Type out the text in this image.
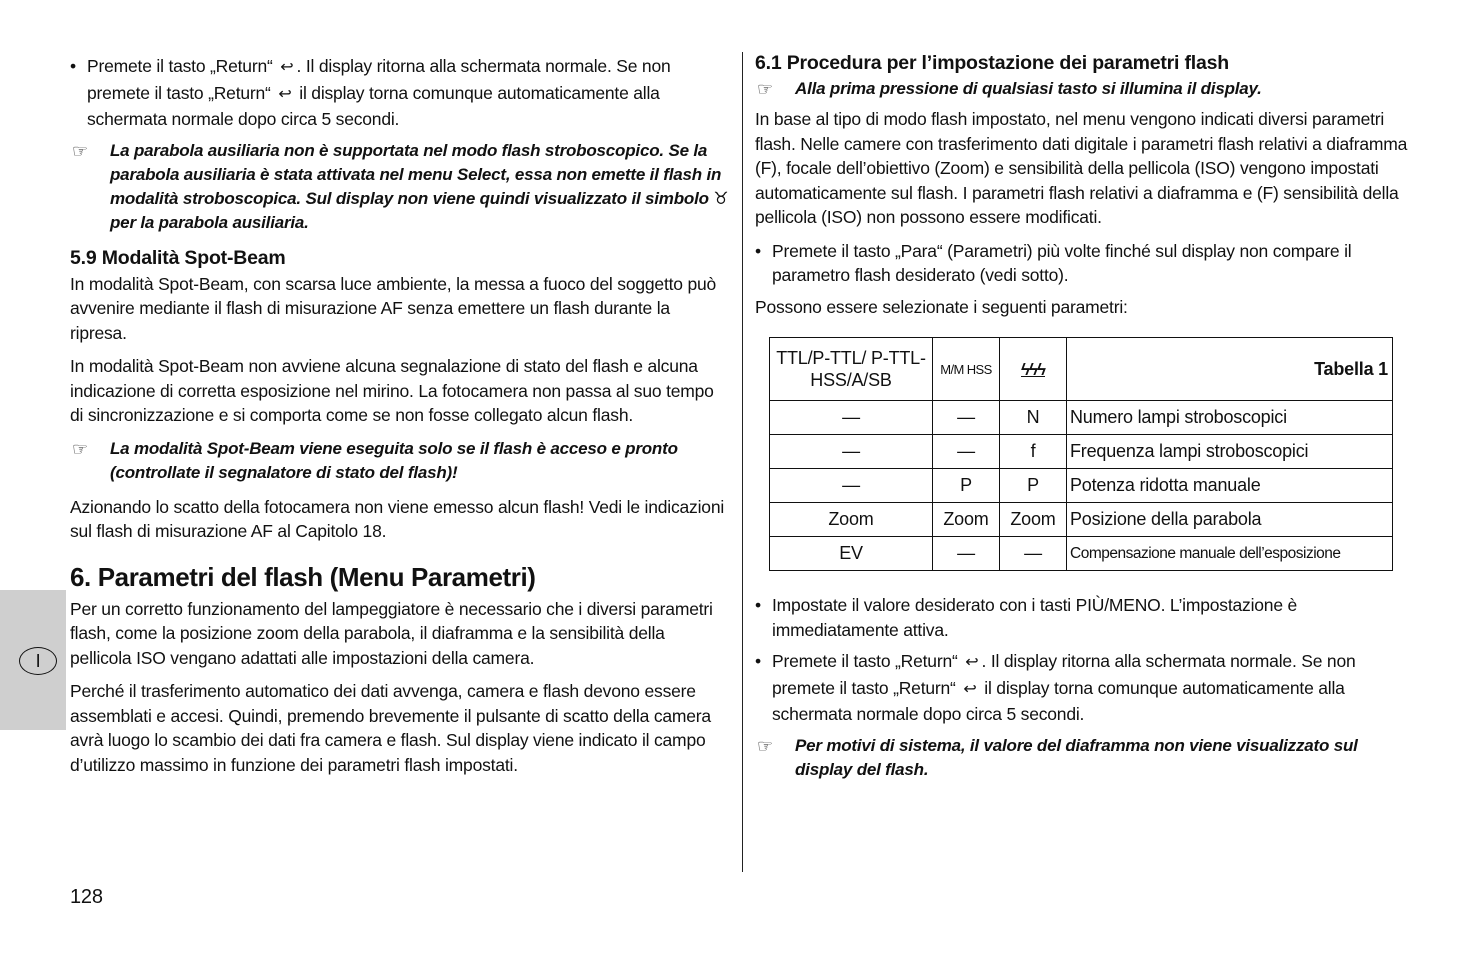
I

• Premete il tasto „Return“ ↩ . Il display ritorna alla schermata normale. Se non premete il tasto „Return“ ↩ il display torna comunque automaticamente alla schermata normale dopo circa 5 secondi.

☞ La parabola ausiliaria non è supportata nel modo flash stroboscopico. Se la parabola ausiliaria è stata attivata nel menu Select, essa non emette il flash in modalità stroboscopica. Sul display non viene quindi visualizzato il simbolo ♉ per la parabola ausiliaria.

5.9 Modalità Spot-Beam

In modalità Spot-Beam, con scarsa luce ambiente, la messa a fuoco del soggetto può avvenire mediante il flash di misurazione AF senza emettere un flash durante la ripresa.

In modalità Spot-Beam non avviene alcuna segnalazione di stato del flash e alcuna indicazione di corretta esposizione nel mirino. La fotocamera non passa al suo tempo di sincronizzazione e si comporta come se non fosse collegato alcun flash.

☞ La modalità Spot-Beam viene eseguita solo se il flash è acceso e pronto (controllate il segnalatore di stato del flash)!

Azionando lo scatto della fotocamera non viene emesso alcun flash! Vedi le indicazioni sul flash di misurazione AF al Capitolo 18.

6. Parametri del flash (Menu Parametri)

Per un corretto funzionamento del lampeggiatore è necessario che i diversi parametri flash, come la posizione zoom della parabola, il diaframma e la sensibilità della pellicola ISO vengano adattati alle impostazioni della camera.

Perché il trasferimento automatico dei dati avvenga, camera e flash devono essere assemblati e accesi. Quindi, premendo brevemente il pulsante di scatto della camera avrà luogo lo scambio dei dati fra camera e flash. Sul display viene indicato il campo d’utilizzo massimo in funzione dei parametri flash impostati.

6.1 Procedura per l’impostazione dei parametri flash

☞ Alla prima pressione di qualsiasi tasto si illumina il display.

In base al tipo di modo flash impostato, nel menu vengono indicati diversi parametri flash. Nelle camere con trasferimento dati digitale i parametri flash relativi a diaframma (F), focale dell’obiettivo (Zoom) e sensibilità della pellicola (ISO) vengono impostati automaticamente sul flash. I parametri flash relativi a diaframma e (F) sensibilità della pellicola (ISO) non possono essere modificati.

• Premete il tasto „Para“ (Parametri) più volte finché sul display non compare il parametro flash desiderato (vedi sotto).

Possono essere selezionate i seguenti parametri:

TTL/P-TTL/ P-TTL-HSS/A/SB	M/M HSS	ϟϟϟ	Tabella 1
—	—	N	Numero lampi stroboscopici
—	—	f	Frequenza lampi stroboscopici
—	P	P	Potenza ridotta manuale
Zoom	Zoom	Zoom	Posizione della parabola
EV	—	—	Compensazione manuale dell’esposizione

• Impostate il valore desiderato con i tasti PIÙ/MENO. L’impostazione è immediatamente attiva.

• Premete il tasto „Return“ ↩ . Il display ritorna alla schermata normale. Se non premete il tasto „Return“ ↩ il display torna comunque automaticamente alla schermata normale dopo circa 5 secondi.

☞ Per motivi di sistema, il valore del diaframma non viene visualizzato sul display del flash.

128
